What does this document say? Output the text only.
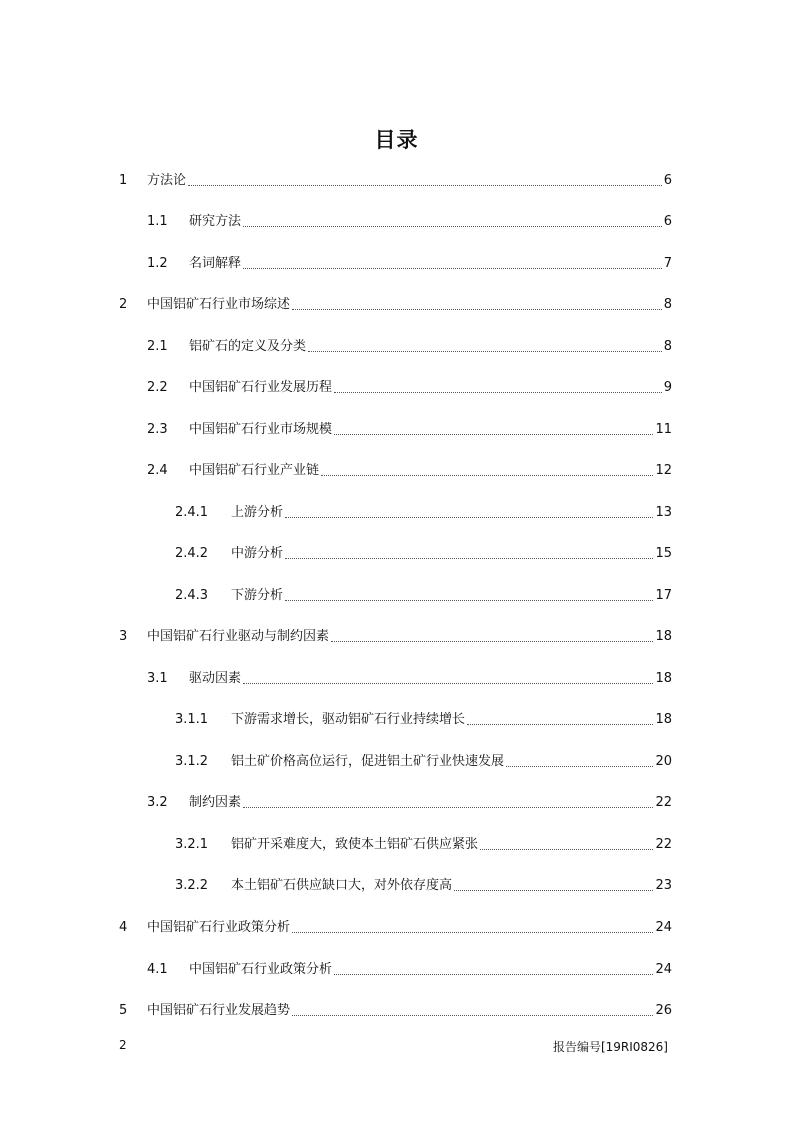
目录
1 方法论	6
1.1 研究方法	6
1.2 名词解释	7
2 中国铝矿石行业市场综述	8
2.1 铝矿石的定义及分类	8
2.2 中国铝矿石行业发展历程	9
2.3 中国铝矿石行业市场规模	11
2.4 中国铝矿石行业产业链	12
2.4.1 上游分析	13
2.4.2 中游分析	15
2.4.3 下游分析	17
3 中国铝矿石行业驱动与制约因素	18
3.1 驱动因素	18
3.1.1 下游需求增长，驱动铝矿石行业持续增长	18
3.1.2 铝土矿价格高位运行，促进铝土矿行业快速发展	20
3.2 制约因素	22
3.2.1 铝矿开采难度大，致使本土铝矿石供应紧张	22
3.2.2 本土铝矿石供应缺口大，对外依存度高	23
4 中国铝矿石行业政策分析	24
4.1 中国铝矿石行业政策分析	24
5 中国铝矿石行业发展趋势	26
2	报告编号[19RI0826]
